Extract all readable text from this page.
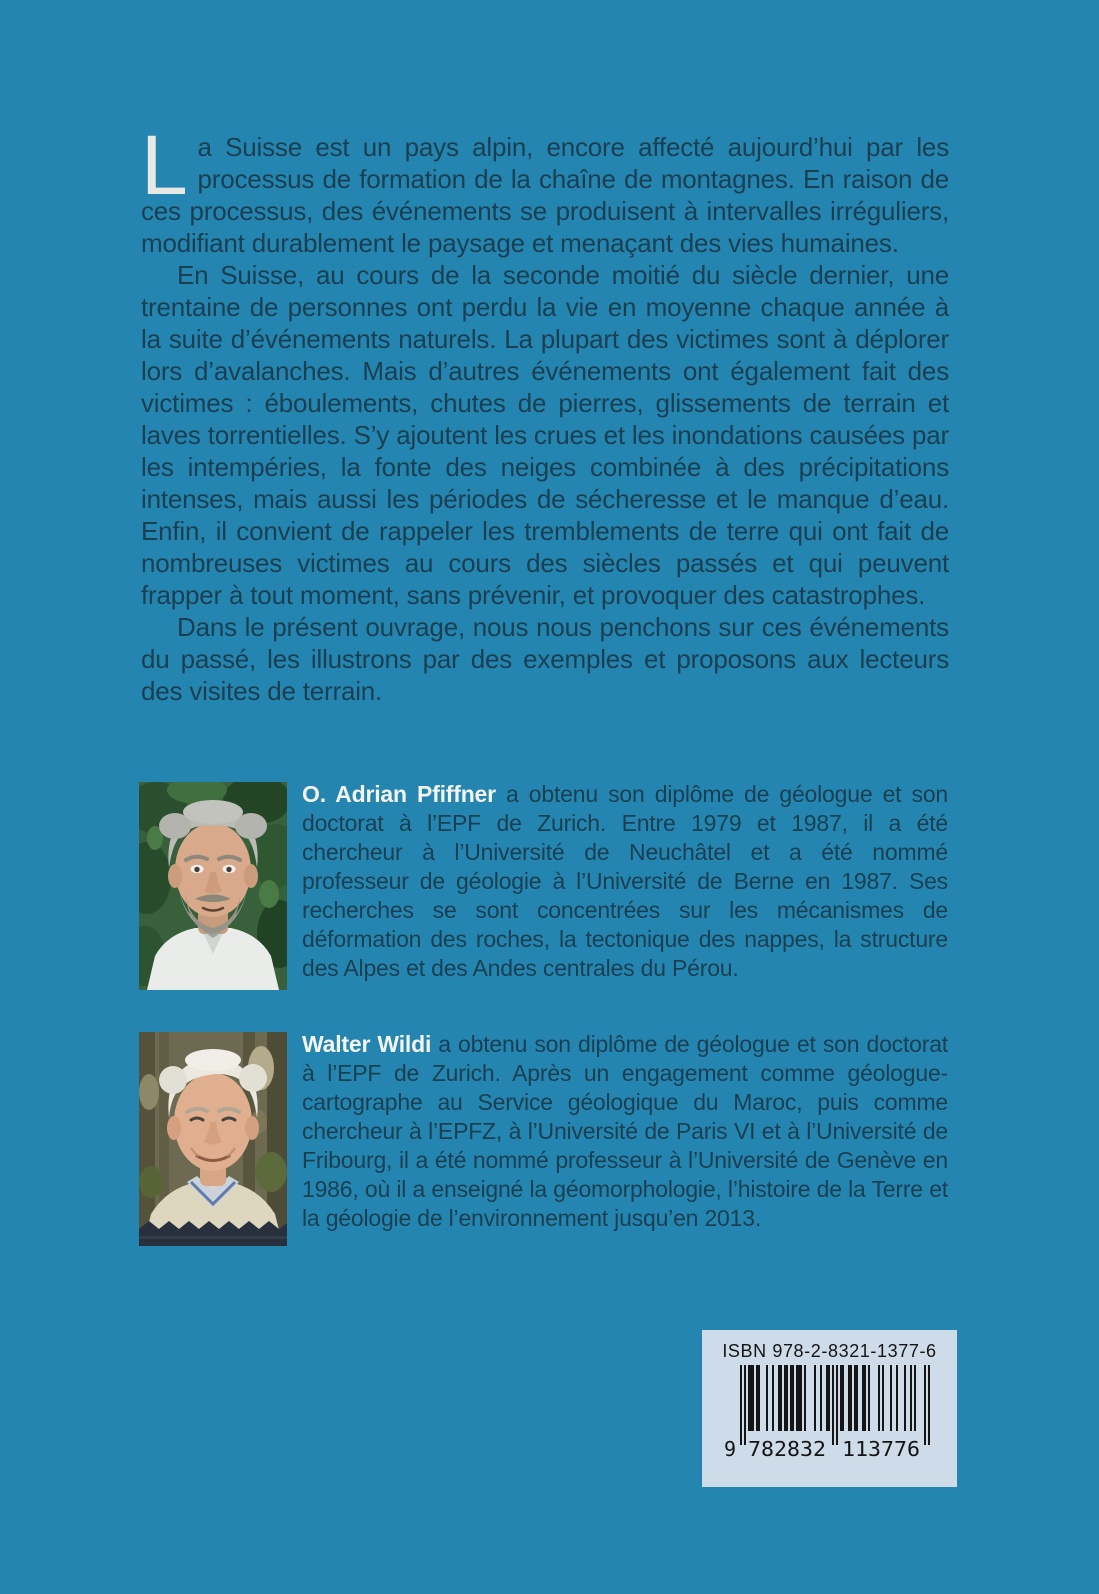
La Suisse est un pays alpin, encore affecté aujourd’hui par les processus de formation de la chaîne de montagnes. En raison de ces processus, des événements se produisent à intervalles irréguliers, modifiant durablement le paysage et menaçant des vies humaines.

En Suisse, au cours de la seconde moitié du siècle dernier, une trentaine de personnes ont perdu la vie en moyenne chaque année à la suite d’événements naturels. La plupart des victimes sont à déplorer lors d’avalanches. Mais d’autres événements ont également fait des victimes : éboulements, chutes de pierres, glissements de terrain et laves torrentielles. S’y ajoutent les crues et les inondations causées par les intempéries, la fonte des neiges combinée à des précipitations intenses, mais aussi les périodes de sécheresse et le manque d’eau. Enfin, il convient de rappeler les tremblements de terre qui ont fait de nombreuses victimes au cours des siècles passés et qui peuvent frapper à tout moment, sans prévenir, et provoquer des catastrophes.

Dans le présent ouvrage, nous nous penchons sur ces événements du passé, les illustrons par des exemples et proposons aux lecteurs des visites de terrain.

O. Adrian Pfiffner a obtenu son diplôme de géologue et son doctorat à l’EPF de Zurich. Entre 1979 et 1987, il a été chercheur à l’Université de Neuchâtel et a été nommé professeur de géologie à l’Université de Berne en 1987. Ses recherches se sont concentrées sur les mécanismes de déformation des roches, la tectonique des nappes, la structure des Alpes et des Andes centrales du Pérou.
Walter Wildi a obtenu son diplôme de géologue et son doctorat à l’EPF de Zurich. Après un engagement comme géologue-cartographe au Service géologique du Maroc, puis comme chercheur à l’EPFZ, à l’Université de Paris VI et à l’Université de Fribourg, il a été nommé professeur à l’Université de Genève en 1986, où il a enseigné la géomorphologie, l’histoire de la Terre et la géologie de l’environnement jusqu’en 2013.
ISBN 978-2-8321-1377-6
9 782832 113776
